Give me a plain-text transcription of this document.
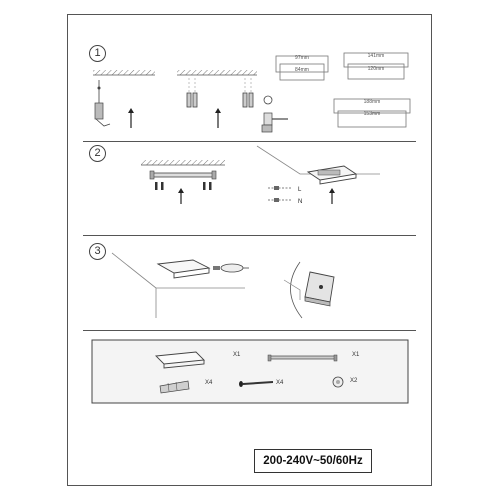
1
2
3
97mm
84mm
141mm
120mm
188mm
153mm
L
N
X1	X1
X4	X4	X2
200-240V~50/60Hz
